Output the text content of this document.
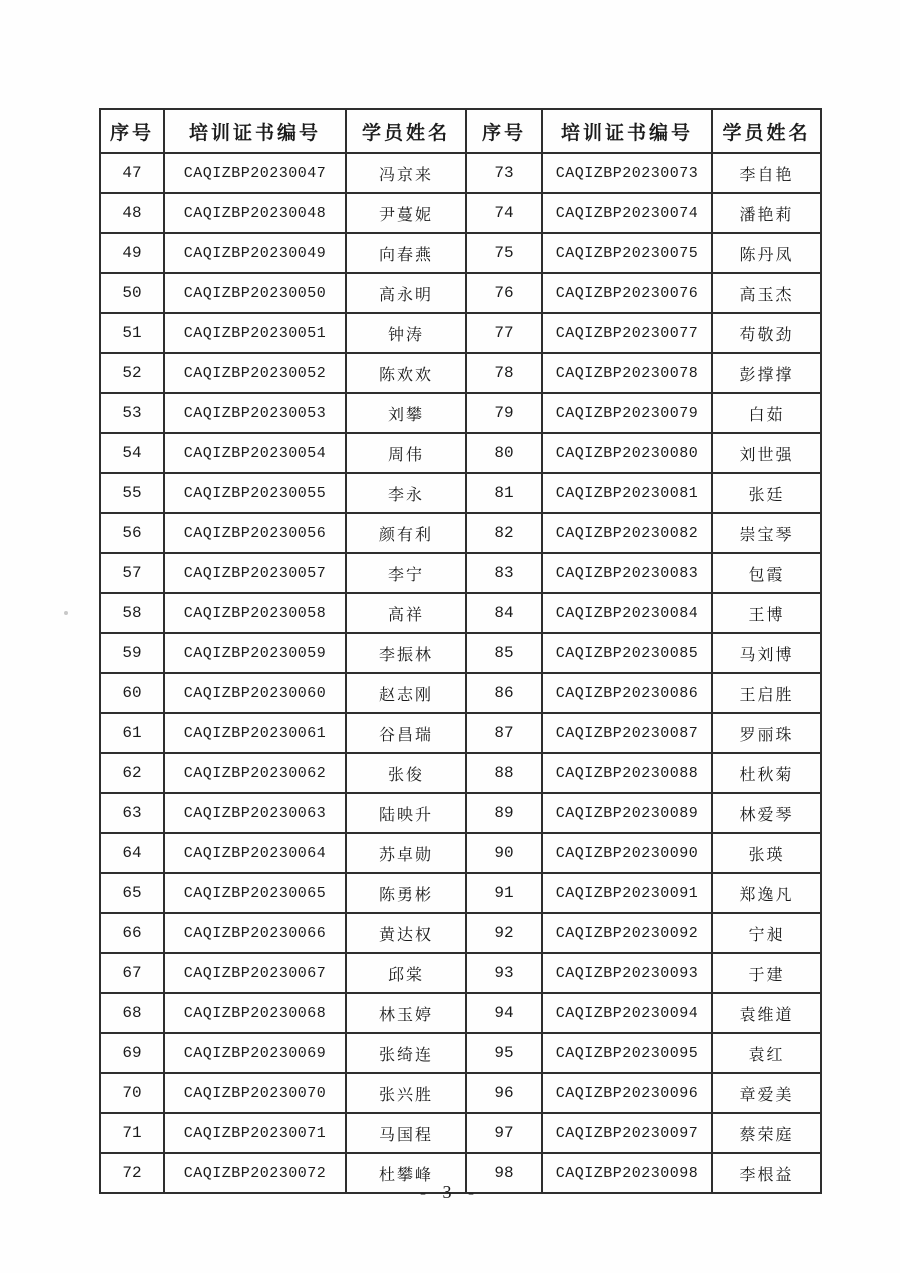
序号	培训证书编号	学员姓名	序号	培训证书编号	学员姓名
47	CAQIZBP20230047	冯京来	73	CAQIZBP20230073	李自艳
48	CAQIZBP20230048	尹蔓妮	74	CAQIZBP20230074	潘艳莉
49	CAQIZBP20230049	向春燕	75	CAQIZBP20230075	陈丹凤
50	CAQIZBP20230050	高永明	76	CAQIZBP20230076	高玉杰
51	CAQIZBP20230051	钟涛	77	CAQIZBP20230077	苟敬劲
52	CAQIZBP20230052	陈欢欢	78	CAQIZBP20230078	彭撑撑
53	CAQIZBP20230053	刘攀	79	CAQIZBP20230079	白茹
54	CAQIZBP20230054	周伟	80	CAQIZBP20230080	刘世强
55	CAQIZBP20230055	李永	81	CAQIZBP20230081	张廷
56	CAQIZBP20230056	颜有利	82	CAQIZBP20230082	崇宝琴
57	CAQIZBP20230057	李宁	83	CAQIZBP20230083	包霞
58	CAQIZBP20230058	高祥	84	CAQIZBP20230084	王博
59	CAQIZBP20230059	李振林	85	CAQIZBP20230085	马刘博
60	CAQIZBP20230060	赵志刚	86	CAQIZBP20230086	王启胜
61	CAQIZBP20230061	谷昌瑞	87	CAQIZBP20230087	罗丽珠
62	CAQIZBP20230062	张俊	88	CAQIZBP20230088	杜秋菊
63	CAQIZBP20230063	陆映升	89	CAQIZBP20230089	林爱琴
64	CAQIZBP20230064	苏卓勋	90	CAQIZBP20230090	张瑛
65	CAQIZBP20230065	陈勇彬	91	CAQIZBP20230091	郑逸凡
66	CAQIZBP20230066	黄达权	92	CAQIZBP20230092	宁昶
67	CAQIZBP20230067	邱棠	93	CAQIZBP20230093	于建
68	CAQIZBP20230068	林玉婷	94	CAQIZBP20230094	袁维道
69	CAQIZBP20230069	张绮连	95	CAQIZBP20230095	袁红
70	CAQIZBP20230070	张兴胜	96	CAQIZBP20230096	章爱美
71	CAQIZBP20230071	马国程	97	CAQIZBP20230097	蔡荣庭
72	CAQIZBP20230072	杜攀峰	98	CAQIZBP20230098	李根益
- 3 -
